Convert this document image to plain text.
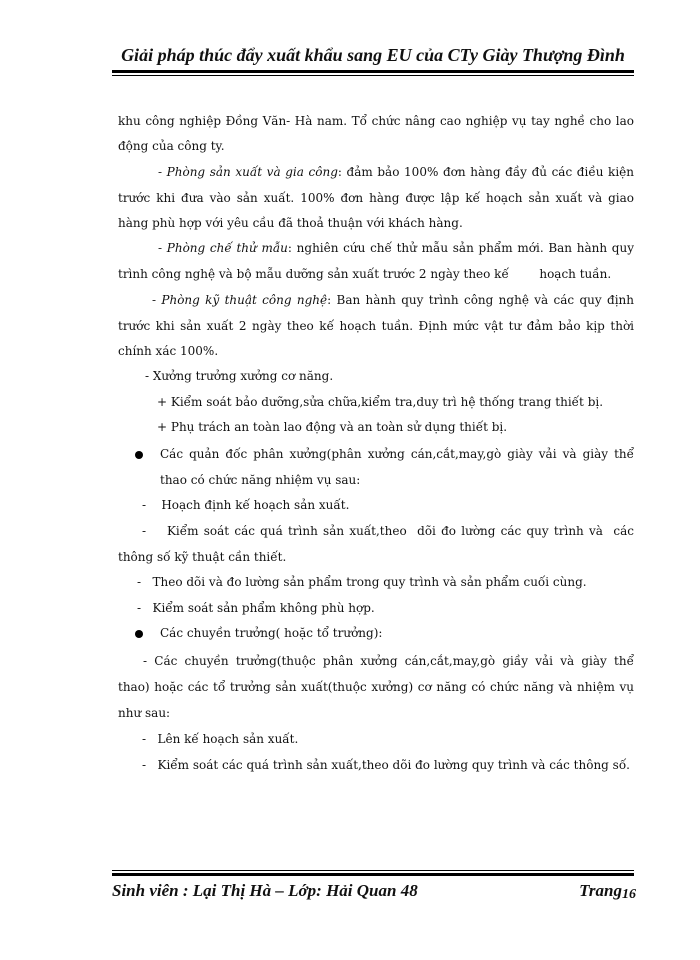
Giải pháp thúc đẩy xuất khẩu sang EU của CTy Giày Thượng Đình
khu công nghiệp Đồng Văn- Hà nam. Tổ chức nâng cao nghiệp vụ tay nghề cho lao
động của công ty.
- Phòng sản xuất và gia công: đảm bảo 100% đơn hàng đầy đủ các điều kiện
trước khi đưa vào sản xuất. 100% đơn hàng được lập kế hoạch sản xuất và giao
hàng phù hợp với yêu cầu đã thoả thuận với khách hàng.
- Phòng chế thử mẫu: nghiên cứu chế thử mẫu sản phẩm mới. Ban hành quy
trình công nghệ và bộ mẫu dưỡng sản xuất trước 2 ngày theo kế        hoạch tuần.
- Phòng kỹ thuật công nghệ: Ban hành quy trình công nghệ và các quy định
trước khi sản xuất 2 ngày theo kế hoạch tuần. Định mức vật tư đảm bảo kịp thời
chính xác 100%.
- Xưởng trưởng xưởng cơ năng.
+ Kiểm soát bảo dưỡng,sửa chữa,kiểm tra,duy trì hệ thống trang thiết bị.
+ Phụ trách an toàn lao động và an toàn sử dụng thiết bị.
Các quản đốc phân xưởng(phân xưởng cán,cắt,may,gò giày vải và giày thể
thao có chức năng nhiệm vụ sau:
-    Hoạch định kế hoạch sản xuất.
-    Kiểm soát các quá trình sản xuất,theo  dõi đo lường các quy trình và  các
thông số kỹ thuật cần thiết.
-   Theo dõi và đo lường sản phẩm trong quy trình và sản phẩm cuối cùng.
-   Kiểm soát sản phẩm không phù hợp.
Các chuyền trưởng( hoặc tổ trưởng):
- Các chuyền trưởng(thuộc phân xưởng cán,cắt,may,gò giầy vải và giày thể
thao) hoặc các tổ trưởng sản xuất(thuộc xưởng) cơ năng có chức năng và nhiệm vụ
như sau:
-   Lên kế hoạch sản xuất.
-   Kiểm soát các quá trình sản xuất,theo dõi đo lường quy trình và các thông số.
Sinh viên : Lại Thị Hà – Lớp: Hải Quan 48	Trang 16
